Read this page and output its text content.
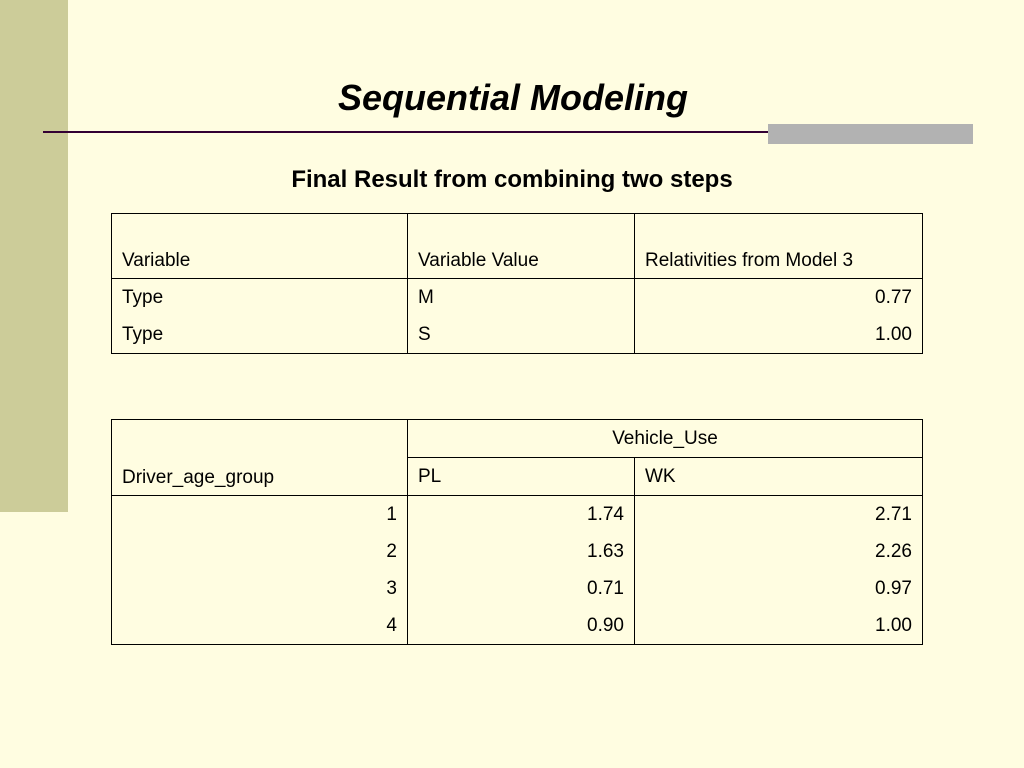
Sequential Modeling
Final Result from combining two steps
Variable	Variable Value	Relativities from Model 3
Type	M	0.77
Type	S	1.00
Driver_age_group	Vehicle_Use	
	PL	WK
1	1.74	2.71
2	1.63	2.26
3	0.71	0.97
4	0.90	1.00
